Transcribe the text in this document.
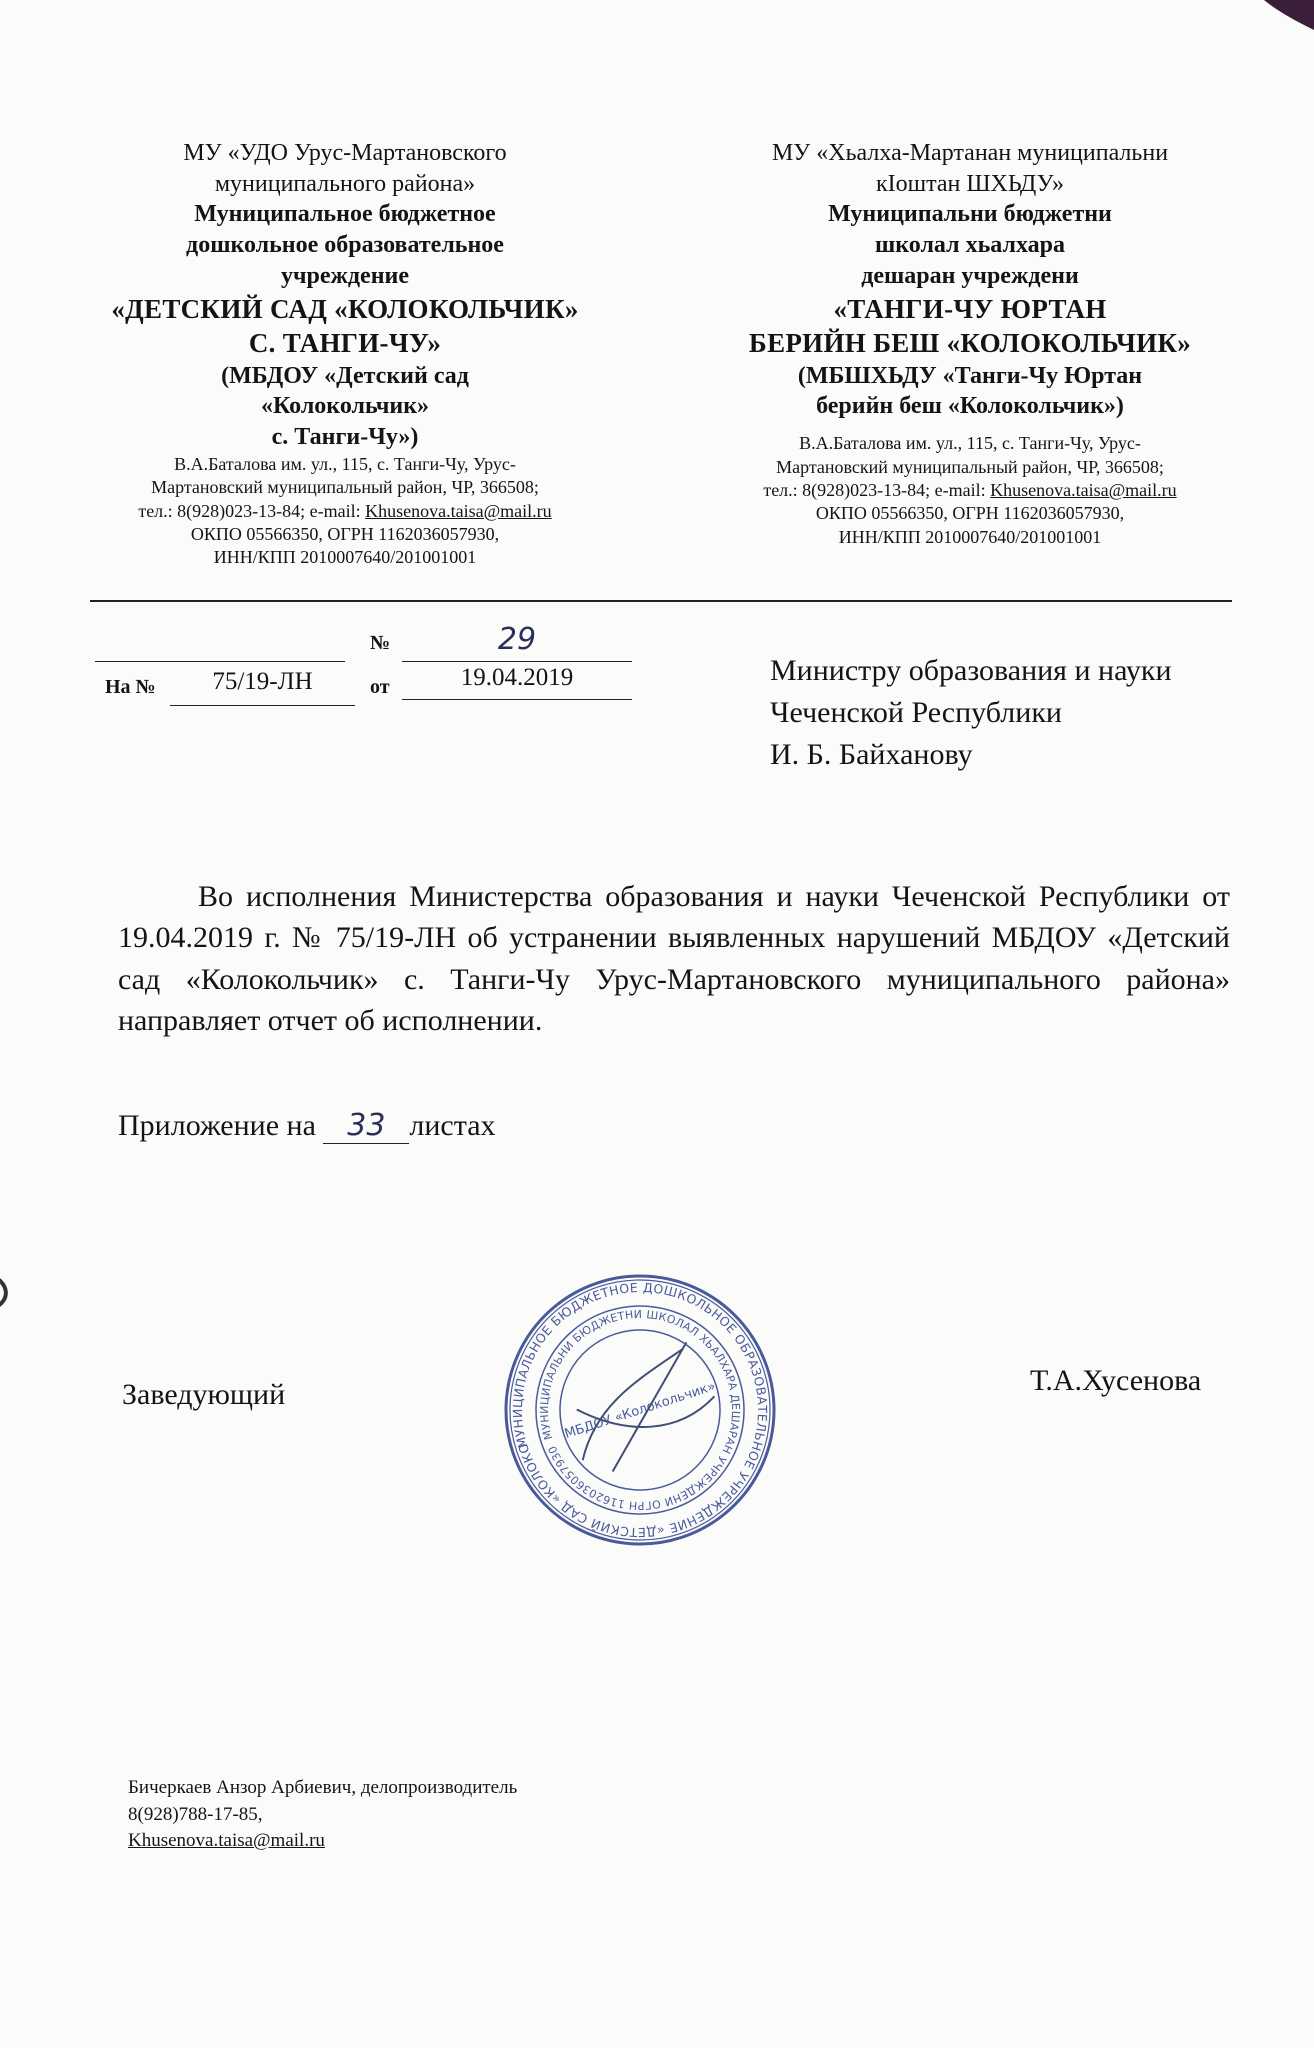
МУ «УДО Урус-Мартановского
муниципального района»
Муниципальное бюджетное
дошкольное образовательное
учреждение
«ДЕТСКИЙ САД «КОЛОКОЛЬЧИК»
С. ТАНГИ-ЧУ»
(МБДОУ «Детский сад
«Колокольчик»
с. Танги-Чу»)
В.А.Баталова им. ул., 115, с. Танги-Чу, Урус-
Мартановский муниципальный район, ЧР, 366508;
тел.: 8(928)023-13-84; e-mail: Khusenova.taisa@mail.ru
ОКПО 05566350, ОГРН 1162036057930,
ИНН/КПП 2010007640/201001001
МУ «Хьалха-Мартанан муниципальни
кIоштан ШХЬДУ»
Муниципальни бюджетни
школал хьалхара
дешаран учреждени
«ТАНГИ-ЧУ ЮРТАН
БЕРИЙН БЕШ «КОЛОКОЛЬЧИК»
(МБШХЬДУ «Танги-Чу Юртан
берийн беш «Колокольчик»)
В.А.Баталова им. ул., 115, с. Танги-Чу, Урус-
Мартановский муниципальный район, ЧР, 366508;
тел.: 8(928)023-13-84; e-mail: Khusenova.taisa@mail.ru
ОКПО 05566350, ОГРН 1162036057930,
ИНН/КПП 2010007640/201001001
№	29
На №	75/19-ЛН	от	19.04.2019	Министру образования и науки
Чеченской Республики
И. Б. Байханову
Во исполнения Министерства образования и науки Чеченской Республики от 19.04.2019 г. № 75/19-ЛН об устранении выявленных нарушений МБДОУ «Детский сад «Колокольчик» с. Танги-Чу Урус-Мартановского муниципального района» направляет отчет об исполнении.
Приложение на 33 листах
Заведующий	Т.А.Хусенова
МУНИЦИПАЛЬНОЕ БЮДЖЕТНОЕ ДОШКОЛЬНОЕ ОБРАЗОВАТЕЛЬНОЕ УЧРЕЖДЕНИЕ «ДЕТСКИЙ САД «КОЛОКОЛЬЧИК»
МУНИЦИПАЛЬНИ БЮДЖЕТНИ ШКОЛАЛ ХЬАЛХАРА ДЕШАРАН УЧРЕЖДЕНИ ОГРН 1162036057930
МБДОУ «Колокольчик»
Бичеркаев Анзор Арбиевич, делопроизводитель
8(928)788-17-85,
Khusenova.taisa@mail.ru
